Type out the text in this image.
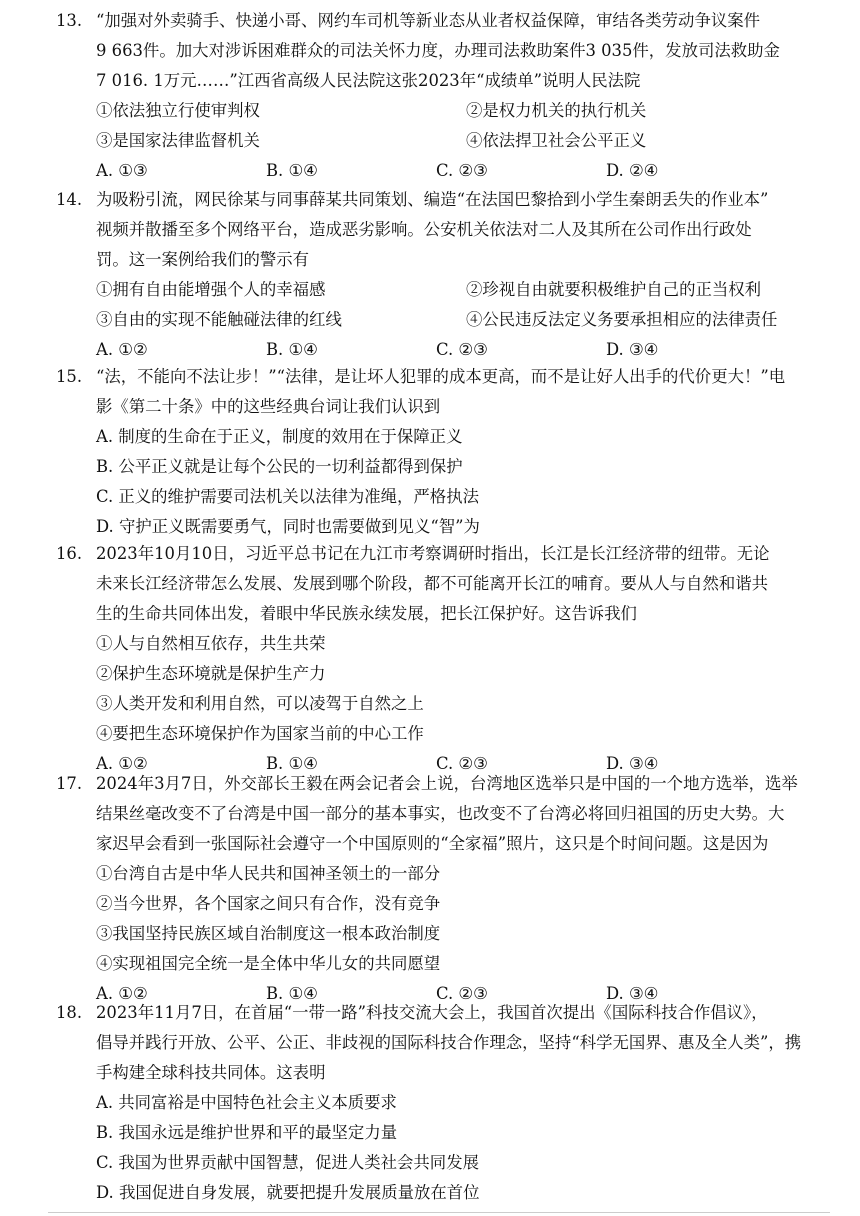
13. “加强对外卖骑手、快递小哥、网约车司机等新业态从业者权益保障，审结各类劳动争议案件
9 663件。加大对涉诉困难群众的司法关怀力度，办理司法救助案件3 035件，发放司法救助金
7 016. 1万元……”江西省高级人民法院这张2023年“成绩单”说明人民法院
①依法独立行使审判权	②是权力机关的执行机关
③是国家法律监督机关	④依法捍卫社会公平正义
A. ①③	B. ①④	C. ②③	D. ②④
14. 为吸粉引流，网民徐某与同事薛某共同策划、编造“在法国巴黎拾到小学生秦朗丢失的作业本”
视频并散播至多个网络平台，造成恶劣影响。公安机关依法对二人及其所在公司作出行政处
罚。这一案例给我们的警示有
①拥有自由能增强个人的幸福感	②珍视自由就要积极维护自己的正当权利
③自由的实现不能触碰法律的红线	④公民违反法定义务要承担相应的法律责任
A. ①②	B. ①④	C. ②③	D. ③④
15. “法，不能向不法让步！”“法律，是让坏人犯罪的成本更高，而不是让好人出手的代价更大！”电
影《第二十条》中的这些经典台词让我们认识到
A. 制度的生命在于正义，制度的效用在于保障正义
B. 公平正义就是让每个公民的一切利益都得到保护
C. 正义的维护需要司法机关以法律为准绳，严格执法
D. 守护正义既需要勇气，同时也需要做到见义“智”为
16. 2023年10月10日，习近平总书记在九江市考察调研时指出，长江是长江经济带的纽带。无论
未来长江经济带怎么发展、发展到哪个阶段，都不可能离开长江的哺育。要从人与自然和谐共
生的生命共同体出发，着眼中华民族永续发展，把长江保护好。这告诉我们
①人与自然相互依存，共生共荣
②保护生态环境就是保护生产力
③人类开发和利用自然，可以凌驾于自然之上
④要把生态环境保护作为国家当前的中心工作
A. ①②	B. ①④	C. ②③	D. ③④
17. 2024年3月7日，外交部长王毅在两会记者会上说，台湾地区选举只是中国的一个地方选举，选举
结果丝毫改变不了台湾是中国一部分的基本事实，也改变不了台湾必将回归祖国的历史大势。大
家迟早会看到一张国际社会遵守一个中国原则的“全家福”照片，这只是个时间问题。这是因为
①台湾自古是中华人民共和国神圣领土的一部分
②当今世界，各个国家之间只有合作，没有竞争
③我国坚持民族区域自治制度这一根本政治制度
④实现祖国完全统一是全体中华儿女的共同愿望
A. ①②	B. ①④	C. ②③	D. ③④
18. 2023年11月7日，在首届“一带一路”科技交流大会上，我国首次提出《国际科技合作倡议》，
倡导并践行开放、公平、公正、非歧视的国际科技合作理念，坚持“科学无国界、惠及全人类”，携
手构建全球科技共同体。这表明
A. 共同富裕是中国特色社会主义本质要求
B. 我国永远是维护世界和平的最坚定力量
C. 我国为世界贡献中国智慧，促进人类社会共同发展
D. 我国促进自身发展，就要把提升发展质量放在首位
